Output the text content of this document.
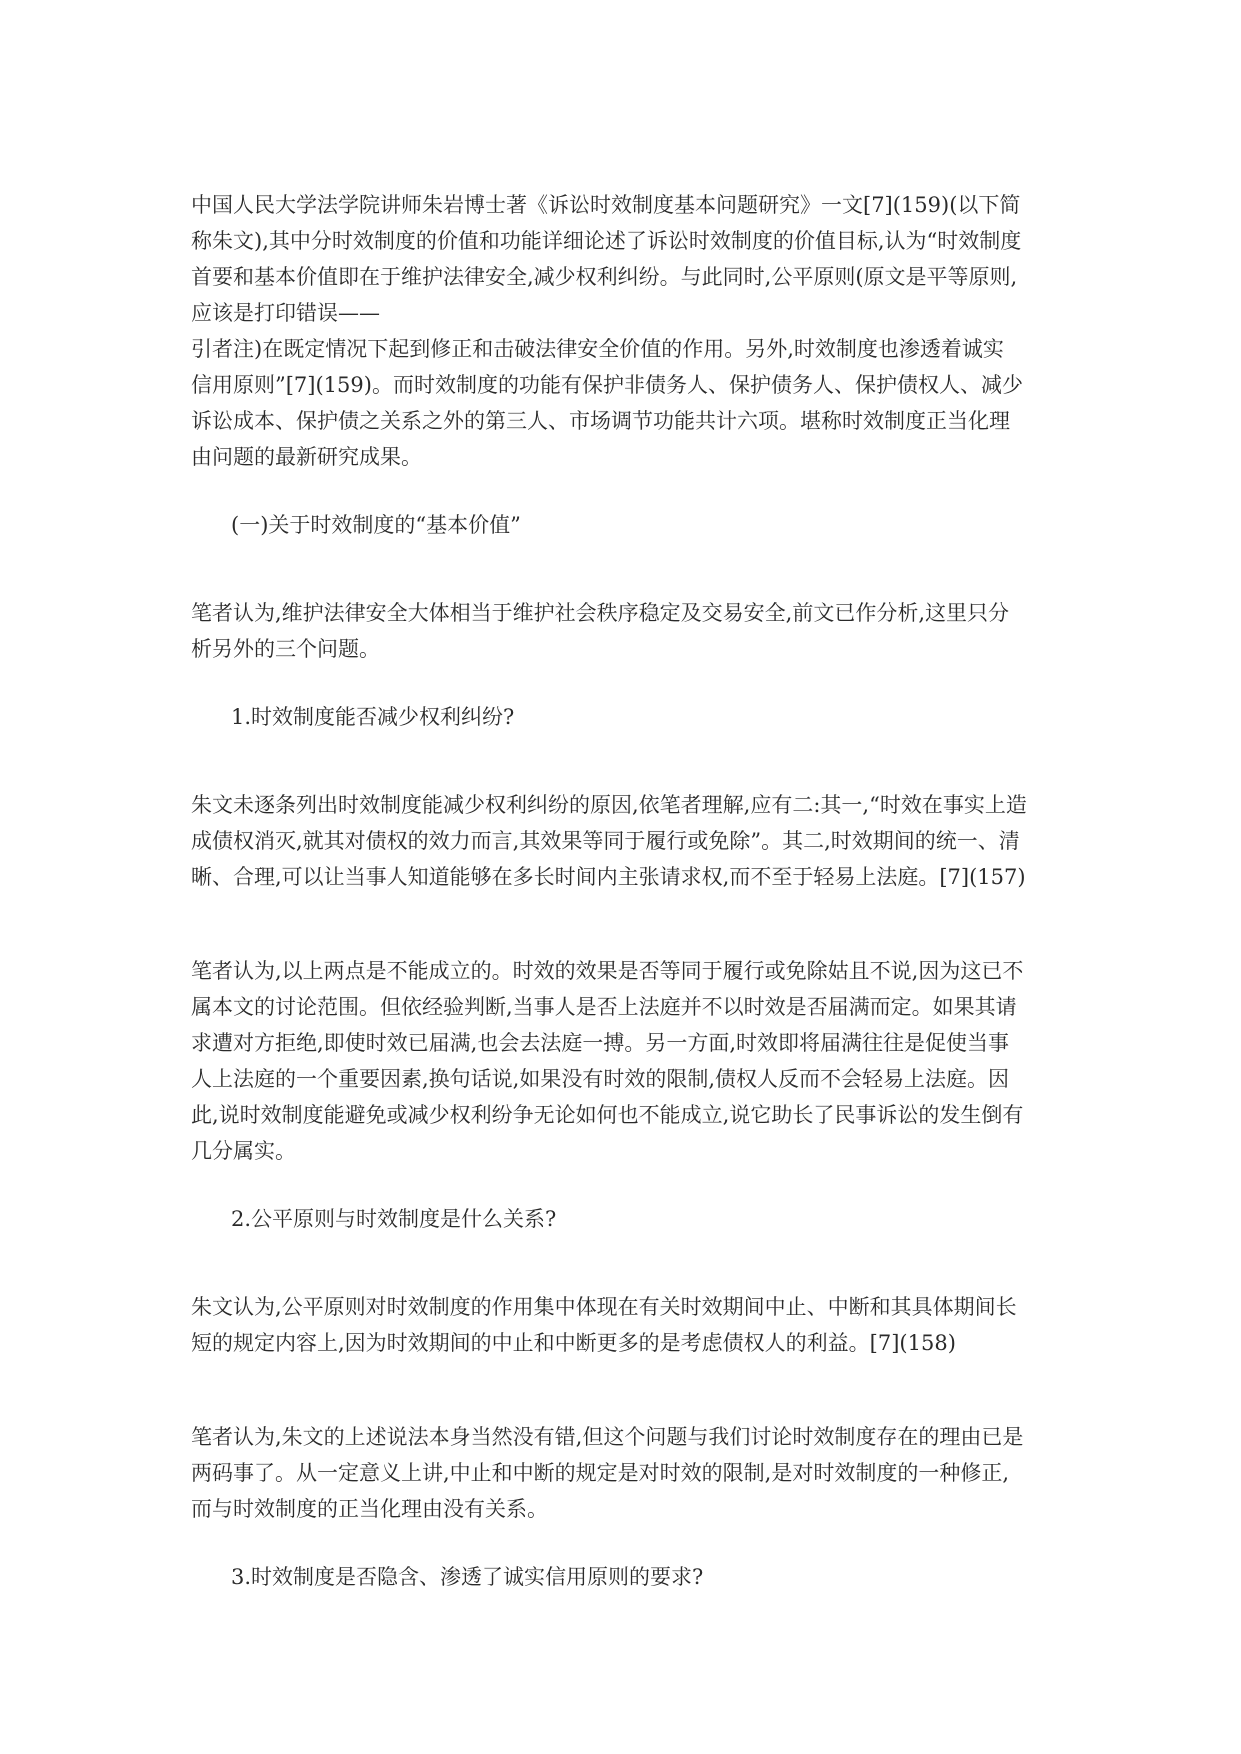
中国人民大学法学院讲师朱岩博士著《诉讼时效制度基本问题研究》一文[7](159)(以下简
称朱文),其中分时效制度的价值和功能详细论述了诉讼时效制度的价值目标,认为“时效制度
首要和基本价值即在于维护法律安全,减少权利纠纷。与此同时,公平原则(原文是平等原则,
应该是打印错误——
引者注)在既定情况下起到修正和击破法律安全价值的作用。另外,时效制度也渗透着诚实
信用原则”[7](159)。而时效制度的功能有保护非债务人、保护债务人、保护债权人、减少
诉讼成本、保护债之关系之外的第三人、市场调节功能共计六项。堪称时效制度正当化理
由问题的最新研究成果。
(一)关于时效制度的“基本价值”
笔者认为,维护法律安全大体相当于维护社会秩序稳定及交易安全,前文已作分析,这里只分
析另外的三个问题。
1.时效制度能否减少权利纠纷?
朱文未逐条列出时效制度能减少权利纠纷的原因,依笔者理解,应有二:其一,“时效在事实上造
成债权消灭,就其对债权的效力而言,其效果等同于履行或免除”。其二,时效期间的统一、清
晰、合理,可以让当事人知道能够在多长时间内主张请求权,而不至于轻易上法庭。[7](157)
笔者认为,以上两点是不能成立的。时效的效果是否等同于履行或免除姑且不说,因为这已不
属本文的讨论范围。但依经验判断,当事人是否上法庭并不以时效是否届满而定。如果其请
求遭对方拒绝,即使时效已届满,也会去法庭一搏。另一方面,时效即将届满往往是促使当事
人上法庭的一个重要因素,换句话说,如果没有时效的限制,债权人反而不会轻易上法庭。因
此,说时效制度能避免或减少权利纷争无论如何也不能成立,说它助长了民事诉讼的发生倒有
几分属实。
2.公平原则与时效制度是什么关系?
朱文认为,公平原则对时效制度的作用集中体现在有关时效期间中止、中断和其具体期间长
短的规定内容上,因为时效期间的中止和中断更多的是考虑债权人的利益。[7](158)
笔者认为,朱文的上述说法本身当然没有错,但这个问题与我们讨论时效制度存在的理由已是
两码事了。从一定意义上讲,中止和中断的规定是对时效的限制,是对时效制度的一种修正,
而与时效制度的正当化理由没有关系。
3.时效制度是否隐含、渗透了诚实信用原则的要求?
